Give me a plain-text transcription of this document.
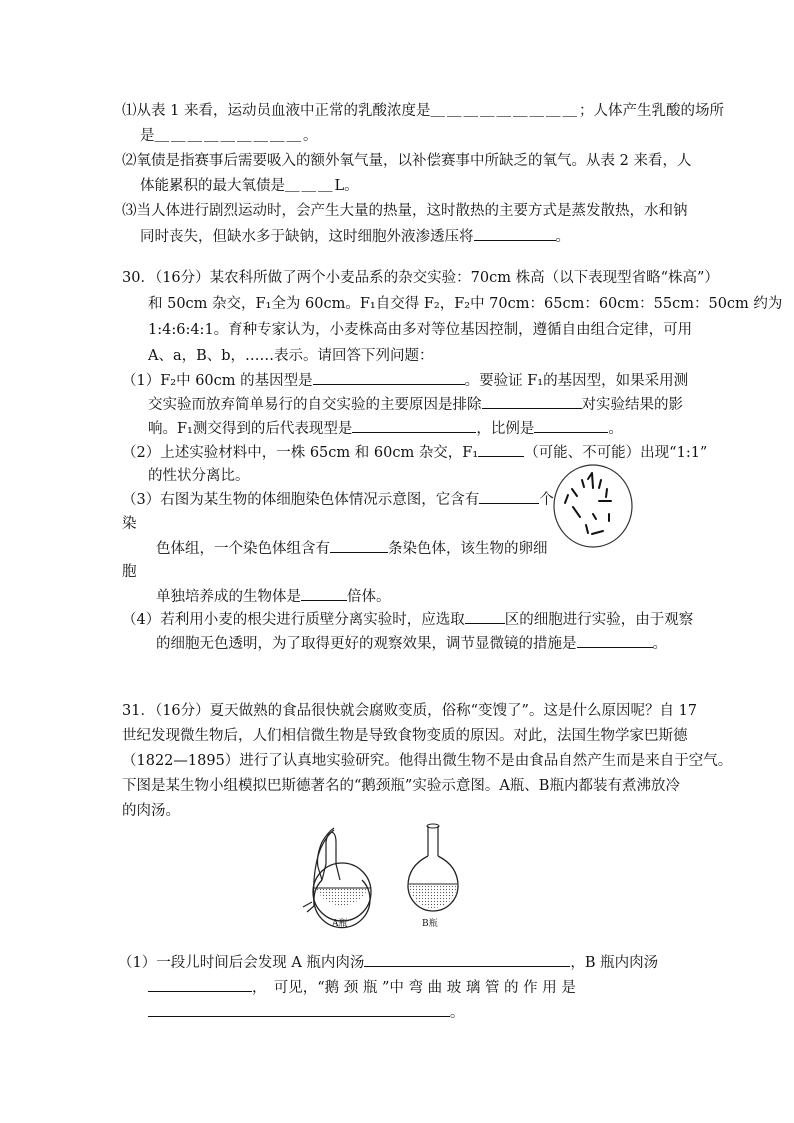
⑴从表 1 来看，运动员血液中正常的乳酸浓度是＿＿＿＿＿＿＿＿＿；人体产生乳酸的场所
是＿＿＿＿＿＿＿＿＿。
⑵氧债是指赛事后需要吸入的额外氧气量，以补偿赛事中所缺乏的氧气。从表 2 来看，人
体能累积的最大氧债是＿＿＿L。
⑶当人体进行剧烈运动时，会产生大量的热量，这时散热的主要方式是蒸发散热，水和钠
同时丧失，但缺水多于缺钠，这时细胞外液渗透压将	。
30．（16分）某农科所做了两个小麦品系的杂交实验：70cm 株高（以下表现型省略“株高”）
和 50cm 杂交，F₁全为 60cm。F₁自交得 F₂，F₂中 70cm：65cm：60cm：55cm：50cm 约为
1:4:6:4:1。育种专家认为，小麦株高由多对等位基因控制，遵循自由组合定律，可用
A、a，B、b，……表示。请回答下列问题：
（1）F₂中 60cm 的基因型是	。要验证 F₁的基因型，如果采用测
交实验而放弃简单易行的自交实验的主要原因是排除	对实验结果的影
响。F₁测交得到的后代表现型是	，比例是	。
（2）上述实验材料中，一株 65cm 和 60cm 杂交，F₁	（可能、不可能）出现“1:1”
的性状分离比。
（3）右图为某生物的体细胞染色体情况示意图，它含有	个
染
色体组，一个染色体组含有	条染色体，该生物的卵细
胞
单独培养成的生物体是	倍体。
（4）若利用小麦的根尖进行质壁分离实验时，应选取	区的细胞进行实验，由于观察
的细胞无色透明，为了取得更好的观察效果，调节显微镜的措施是	。
31．（16分）夏天做熟的食品很快就会腐败变质，俗称“变馊了”。这是什么原因呢？自 17
世纪发现微生物后，人们相信微生物是导致食物变质的原因。对此，法国生物学家巴斯德
（1822—1895）进行了认真地实验研究。他得出微生物不是由食品自然产生而是来自于空气。
下图是某生物小组模拟巴斯德著名的“鹅颈瓶”实验示意图。A瓶、B瓶内都装有煮沸放冷
的肉汤。
A瓶	B瓶
（1）一段儿时间后会发现 A 瓶内肉汤	，B 瓶内肉汤
，　可见，“鹅 颈 瓶 ”中 弯 曲 玻 璃 管 的 作 用 是
。
